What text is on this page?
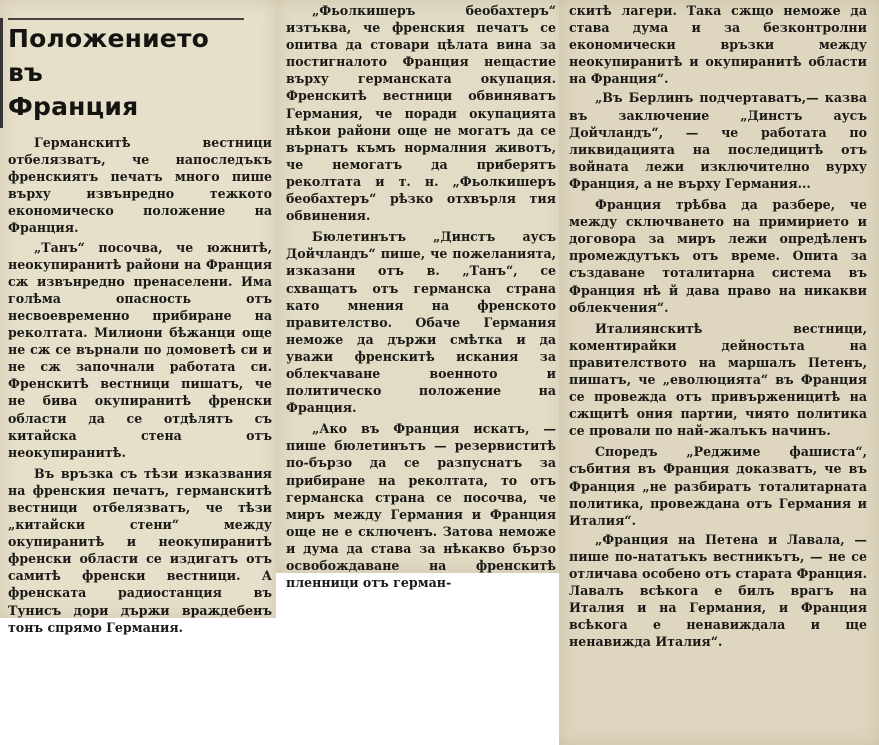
Положението
въ
Франция

Германскитѣ вестници отбелязватъ, че напоследъкъ френскиятъ печатъ много пише върху извънредно тежкото економическо положение на Франция.

„Танъ“ посочва, че южнитѣ, неокупиранитѣ райони на Франция сж извънредно пренаселени. Има голѣма опасность отъ несвоевременно прибиране на реколтата. Милиони бѣжанци още не сж се върнали по домоветѣ си и не сж започнали работата си. Френскитѣ вестници пишатъ, че не бива окупиранитѣ френски области да се отдѣлятъ съ китайска стена отъ неокупиранитѣ.

Въ връзка съ тѣзи изказвания на френския печатъ, германскитѣ вестници отбелязватъ, че тѣзи „китайски стени“ между окупиранитѣ и неокупиранитѣ френски области се издигатъ отъ самитѣ френски вестници. А френската радиостанция въ Тунисъ дори държи враждебенъ тонъ спрямо Германия.

„Фьолкишеръ беобахтеръ“ изтъква, че френския печатъ се опитва да стовари цѣлата вина за постигналото Франция нещастие върху германската окупация. Френскитѣ вестници обвиняватъ Германия, че поради окупацията нѣкои райони още не могатъ да се върнатъ къмъ нормалния животъ, че немогатъ да приберятъ реколтата и т. н. „Фьолкишеръ беобахтеръ“ рѣзко отхвърля тия обвинения.

Бюлетинътъ „Динстъ аусъ Дойчландъ“ пише, че пожеланията, изказани отъ в. „Танъ“, се схващатъ отъ германска страна като мнения на френското правителство. Обаче Германия неможе да държи смѣтка и да уважи френскитѣ искания за облекчаване военното и политическо положение на Франция.

„Ако въ Франция искатъ, — пише бюлетинътъ — резервиститѣ по-бързо да се разпуснатъ за прибиране на реколтата, то отъ германска страна се посочва, че миръ между Германия и Франция още не е сключенъ. Затова неможе и дума да става за нѣкакво бързо освобождаване на френскитѣ пленници отъ герман-

скитѣ лагери. Така сжщо неможе да става дума и за безконтролни економически връзки между неокупиранитѣ и окупиранитѣ области на Франция“.

„Въ Берлинъ подчертаватъ,— казва въ заключение „Динстъ аусъ Дойчландъ“, — че работата по ликвидацията на последицитѣ отъ войната лежи изключително вурху Франция, а не върху Германия...

Франция трѣбва да разбере, че между сключването на примирието и договора за миръ лежи опредѣленъ промеждутъкъ отъ време. Опита за създаване тоталитарна система въ Франция нѣ й дава право на никакви облекчения“.

Италиянскитѣ вестници, коментирайки дейностьта на правителството на маршалъ Петенъ, пишатъ, че „еволюцията“ въ Франция се провежда отъ привърженицитѣ на сжщитѣ ония партии, чиято политика се провали по най-жалъкъ начинъ.

Споредъ „Реджиме фашиста“, събития въ Франция доказватъ, че въ Франция „не разбиратъ тоталитарната политика, провеждана отъ Германия и Италия“.

„Франция на Петена и Лавала, — пише по-нататъкъ вестникътъ, — не се отличава особено отъ старата Франция. Лавалъ всѣкога е билъ врагъ на Италия и на Германия, и Франция всѣкога е ненавиждала и ще ненавижда Италия“.
